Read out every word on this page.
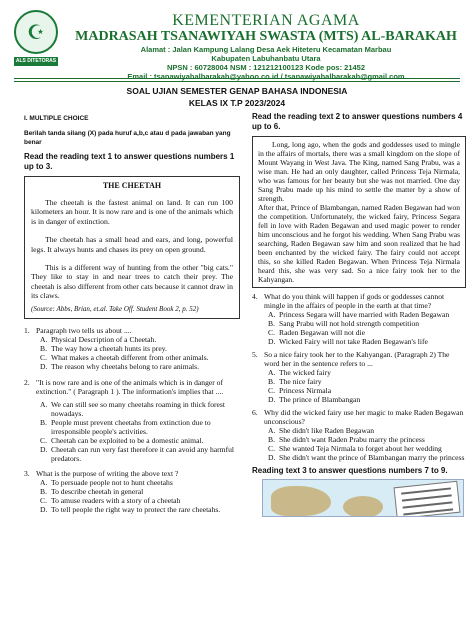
☪
ALS DITETORAS
KEMENTERIAN AGAMA
MADRASAH TSANAWIYAH SWASTA (MTS) AL-BARAKAH
Alamat : Jalan Kampung Lalang Desa Aek Hiteteru Kecamatan Marbau
Kabupaten Labuhanbatu Utara
NPSN : 60728004 NSM : 121212100123 Kode pos: 21452
Email : tsanawiyahalbarakah@yahoo.co.id / tsanawiyahalbarakah@gmail.com
SOAL UJIAN SEMESTER GENAP BAHASA INDONESIA
KELAS IX T.P 2023/2024
I. MULTIPLE CHOICE
Berilah tanda silang (X) pada huruf a,b,c atau d pada jawaban yang benar
Read the reading text 1 to answer questions numbers 1 up to 3.
THE CHEETAH

The cheetah is the fastest animal on land. It can run 100 kilometers an hour. It is now rare and is one of the animals which is in danger of extinction.

The cheetah has a small head and ears, and long, powerful legs. It always hunts and chases its prey on open ground.

This is a different way of hunting from the other "big cats." They like to stay in and near trees to catch their prey. The cheetah is also different from other cats because it cannot draw in its claws.

(Source: Abbs, Brian, et.al. Take Off. Student Book 2, p. 52)
1. Paragraph two tells us about ....
A. Physical Description of a Cheetah.
B. The way how a cheetah hunts its prey.
C. What makes a cheetah different from other animals.
D. The reason why cheetahs belong to rare animals.
2. "It is now rare and is one of the animals which is in danger of extinction." ( Paragraph 1 ). The information's implies that ....
A. We can still see so many cheetahs roaming in thick forest nowadays.
B. People must prevent cheetahs from extinction due to irresponsible people's activities.
C. Cheetah can be exploited to be a domestic animal.
D. Cheetah can run very fast therefore it can avoid any harmful predators.
3. What is the purpose of writing the above text ?
A. To persuade people not to hunt cheetahs
B. To describe cheetah in general
C. To amuse readers with a story of a cheetah
D. To tell people the right way to protect the rare cheetahs.
Read the reading text 2 to answer questions numbers 4 up to 6.

Long, long ago, when the gods and goddesses used to mingle in the affairs of mortals, there was a small kingdom on the slope of Mount Wayang in West Java. The King, named Sang Prabu, was a wise man. He had an only daughter, called Princess Teja Nirmala, who was famous for her beauty but she was not married. One day Sang Prabu made up his mind to settle the matter by a show of strength.

After that, Prince of Blambangan, named Raden Begawan had won the competition. Unfortunately, the wicked fairy, Princess Segara fell in love with Raden Begawan and used magic power to render him unconscious and he forgot his wedding. When Sang Prabu was searching, Raden Begawan saw him and soon realized that he had been enchanted by the wicked fairy. The fairy could not accept this, so she killed Raden Begawan. When Princess Teja Nirmala heard this, she was very sad. So a nice fairy took her to the Kahyangan.

4. What do you think will happen if gods or goddesses cannot mingle in the affairs of people in the earth at that time?
A. Princess Segara will have married with Raden Begawan
B. Sang Prabu will not hold strength competition
C. Raden Begawan will not die
D. Wicked Fairy will not take Raden Begawan's life
5. So a nice fairy took her to the Kahyangan. (Paragraph 2) The word her in the sentence refers to ...
A. The wicked fairy
B. The nice fairy
C. Princess Nirmala
D. The prince of Blambangan
6. Why did the wicked fairy use her magic to make Raden Begawan unconscious?
A. She didn't like Raden Begawan
B. She didn't want Raden Prabu marry the princess
C. She wanted Teja Nirmala to forget about her wedding
D. She didn't want the prince of Blambangan marry the princess
Reading text 3 to answer questions numbers 7 to 9.
